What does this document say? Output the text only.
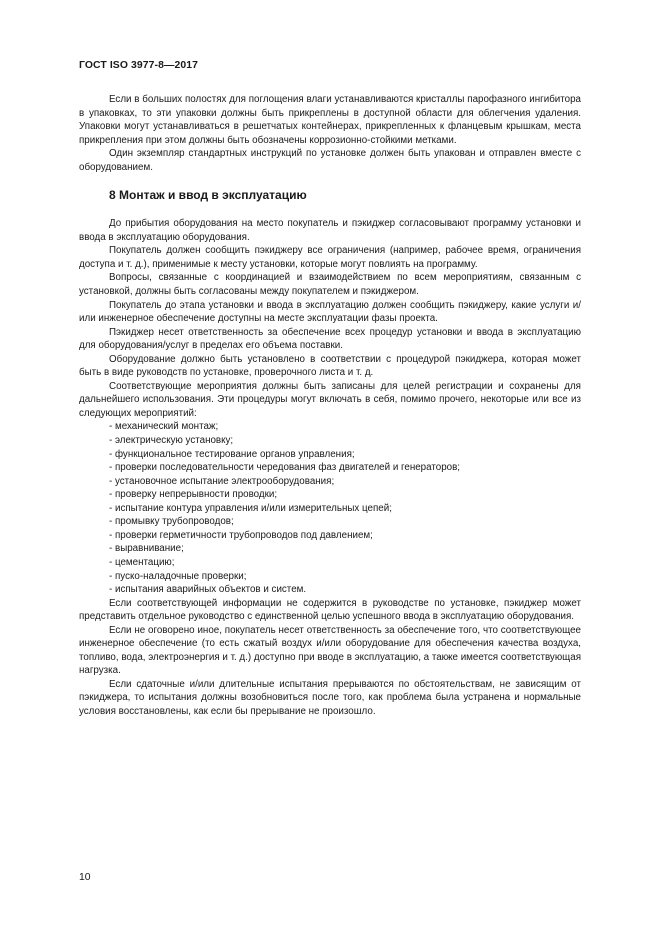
ГОСТ ISO 3977-8—2017

Если в больших полостях для поглощения влаги устанавливаются кристаллы парофазного ингибитора в упаковках, то эти упаковки должны быть прикреплены в доступной области для облегчения удаления. Упаковки могут устанавливаться в решетчатых контейнерах, прикрепленных к фланцевым крышкам, места прикрепления при этом должны быть обозначены коррозионно-стойкими метками.

Один экземпляр стандартных инструкций по установке должен быть упакован и отправлен вместе с оборудованием.

8 Монтаж и ввод в эксплуатацию

До прибытия оборудования на место покупатель и пэкиджер согласовывают программу установки и ввода в эксплуатацию оборудования.

Покупатель должен сообщить пэкиджеру все ограничения (например, рабочее время, ограничения доступа и т. д.), применимые к месту установки, которые могут повлиять на программу.

Вопросы, связанные с координацией и взаимодействием по всем мероприятиям, связанным с установкой, должны быть согласованы между покупателем и пэкиджером.

Покупатель до этапа установки и ввода в эксплуатацию должен сообщить пэкиджеру, какие услуги и/или инженерное обеспечение доступны на месте эксплуатации фазы проекта.

Пэкиджер несет ответственность за обеспечение всех процедур установки и ввода в эксплуатацию для оборудования/услуг в пределах его объема поставки.

Оборудование должно быть установлено в соответствии с процедурой пэкиджера, которая может быть в виде руководств по установке, проверочного листа и т. д.

Соответствующие мероприятия должны быть записаны для целей регистрации и сохранены для дальнейшего использования. Эти процедуры могут включать в себя, помимо прочего, некоторые или все из следующих мероприятий:

- механический монтаж;
- электрическую установку;
- функциональное тестирование органов управления;
- проверки последовательности чередования фаз двигателей и генераторов;
- установочное испытание электрооборудования;
- проверку непрерывности проводки;
- испытание контура управления и/или измерительных цепей;
- промывку трубопроводов;
- проверки герметичности трубопроводов под давлением;
- выравнивание;
- цементацию;
- пуско-наладочные проверки;
- испытания аварийных объектов и систем.

Если соответствующей информации не содержится в руководстве по установке, пэкиджер может представить отдельное руководство с единственной целью успешного ввода в эксплуатацию оборудования.

Если не оговорено иное, покупатель несет ответственность за обеспечение того, что соответствующее инженерное обеспечение (то есть сжатый воздух и/или оборудование для обеспечения качества воздуха, топливо, вода, электроэнергия и т. д.) доступно при вводе в эксплуатацию, а также имеется соответствующая нагрузка.

Если сдаточные и/или длительные испытания прерываются по обстоятельствам, не зависящим от пэкиджера, то испытания должны возобновиться после того, как проблема была устранена и нормальные условия восстановлены, как если бы прерывание не произошло.

10
